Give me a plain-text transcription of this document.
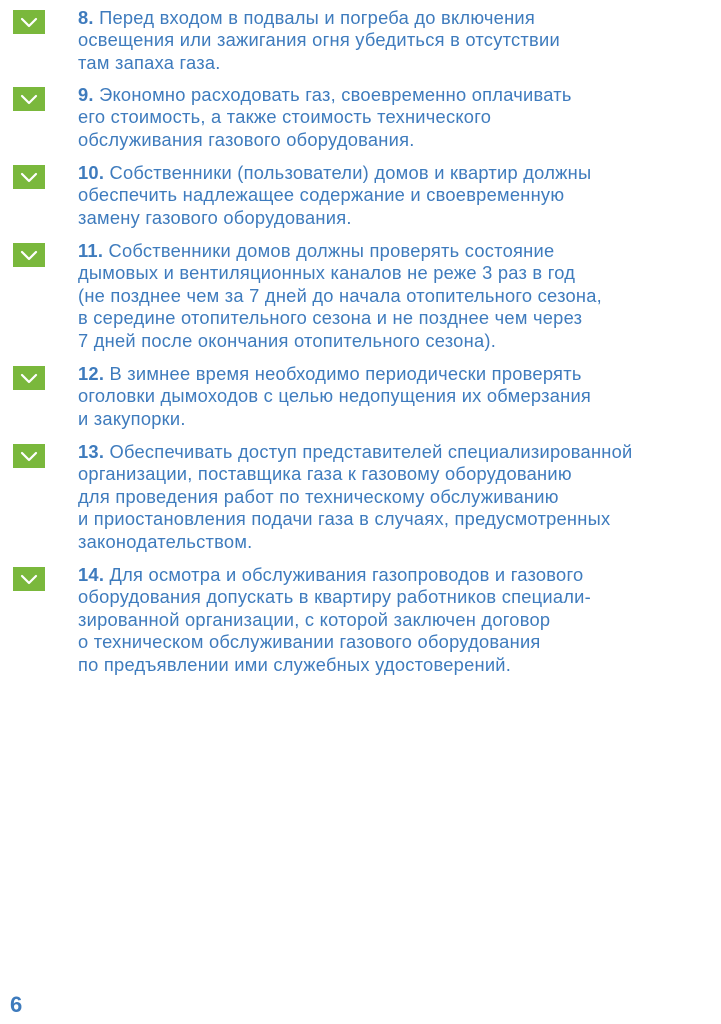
8. Перед входом в подвалы и погреба до включения
освещения или зажигания огня убедиться в отсутствии
там запаха газа.
9. Экономно расходовать газ, своевременно оплачивать
его стоимость, а также стоимость технического
обслуживания газового оборудования.
10. Собственники (пользователи) домов и квартир должны
обеспечить надлежащее содержание и своевременную
замену газового оборудования.
11. Собственники домов должны проверять состояние
дымовых и вентиляционных каналов не реже 3 раз в год
(не позднее чем за 7 дней до начала отопительного сезона,
в середине отопительного сезона и не позднее чем через
7 дней после окончания отопительного сезона).
12. В зимнее время необходимо периодически проверять
оголовки дымоходов с целью недопущения их обмерзания
и закупорки.
13. Обеспечивать доступ представителей специализированной
организации, поставщика газа к газовому оборудованию
для проведения работ по техническому обслуживанию
и приостановления подачи газа в случаях, предусмотренных
законодательством.
14. Для осмотра и обслуживания газопроводов и газового
оборудования допускать в квартиру работников специали-
зированной организации, с которой заключен договор
о техническом обслуживании газового оборудования
по предъявлении ими служебных удостоверений.
6
